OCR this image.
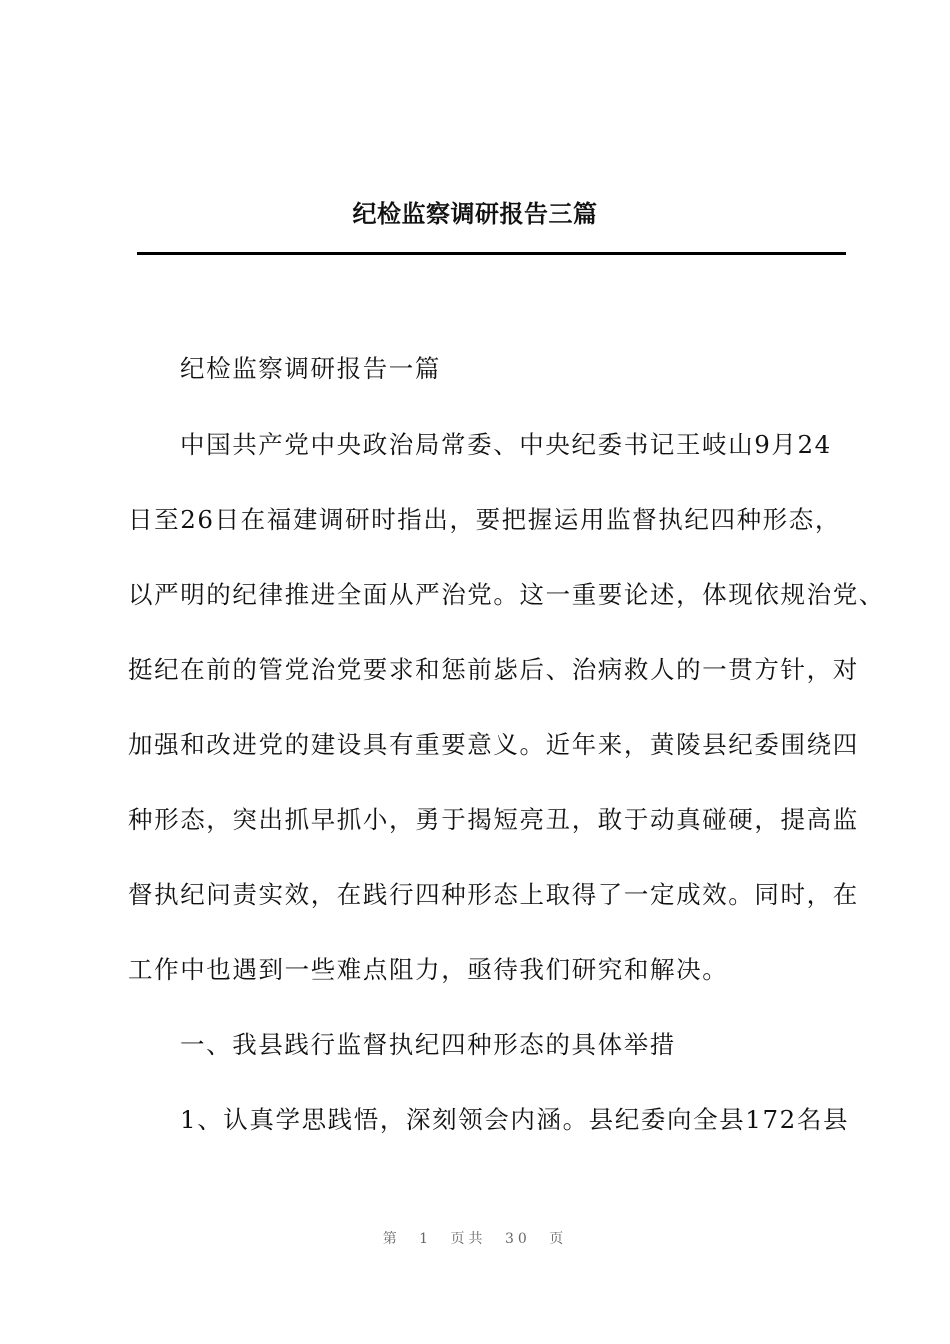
纪检监察调研报告三篇
纪检监察调研报告一篇
中国共产党中央政治局常委、中央纪委书记王岐山9月24
日至26日在福建调研时指出，要把握运用监督执纪四种形态，
以严明的纪律推进全面从严治党。这一重要论述，体现依规治党、
挺纪在前的管党治党要求和惩前毖后、治病救人的一贯方针，对
加强和改进党的建设具有重要意义。近年来，黄陵县纪委围绕四
种形态，突出抓早抓小，勇于揭短亮丑，敢于动真碰硬，提高监
督执纪问责实效，在践行四种形态上取得了一定成效。同时，在
工作中也遇到一些难点阻力，亟待我们研究和解决。
一、我县践行监督执纪四种形态的具体举措
1、认真学思践悟，深刻领会内涵。县纪委向全县172名县
第 1 页共 30 页
